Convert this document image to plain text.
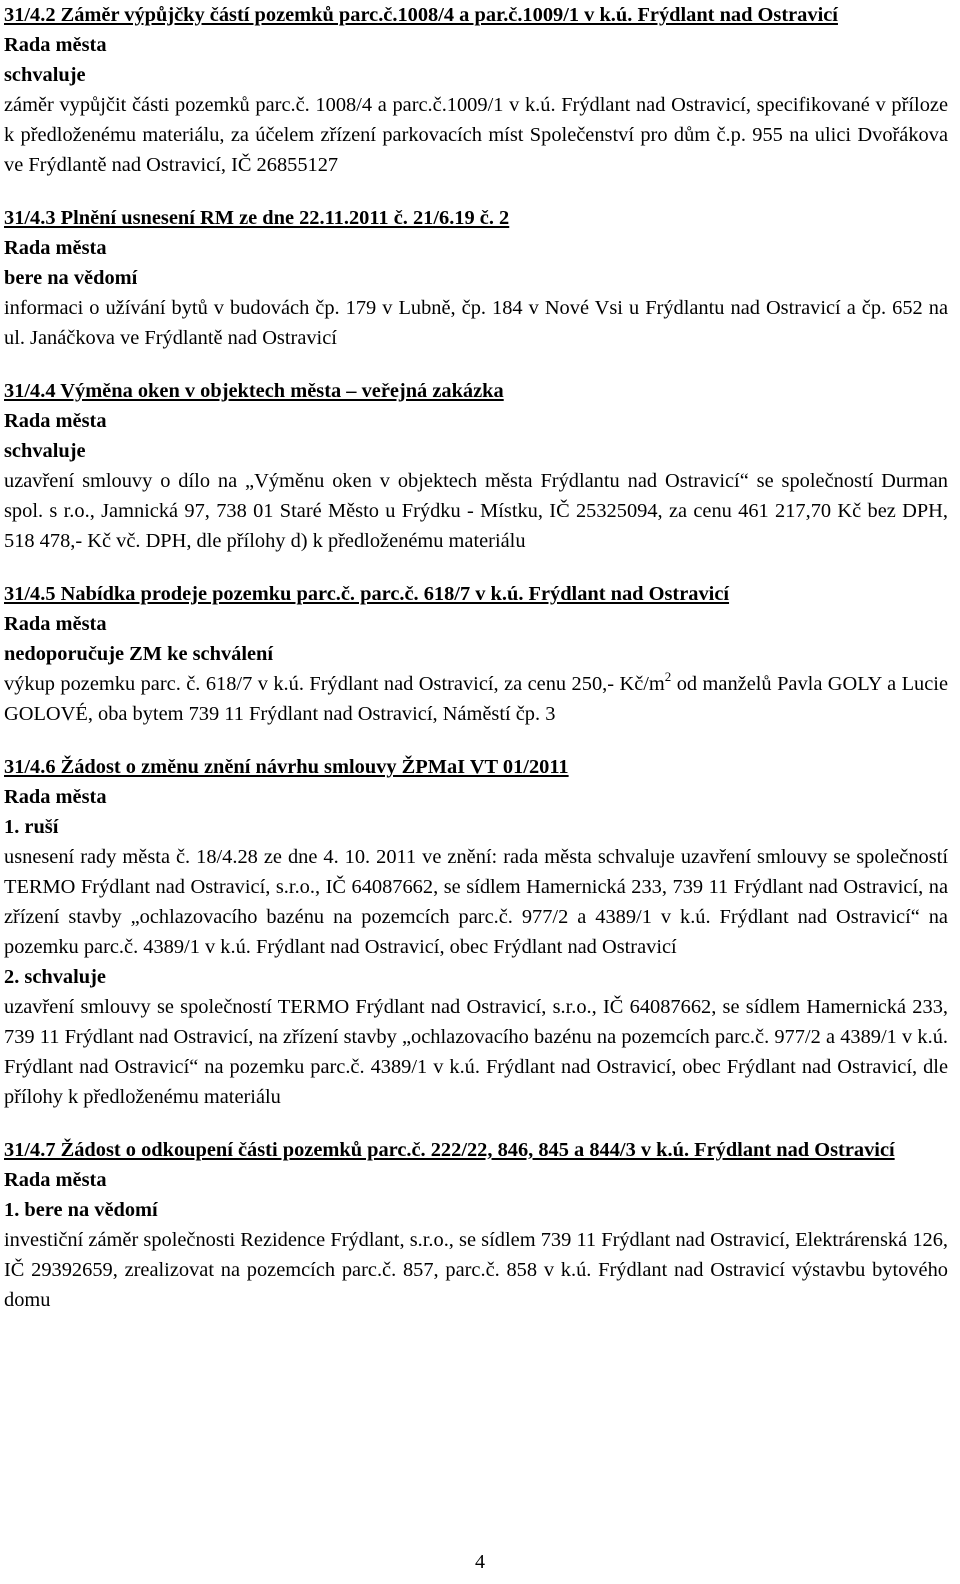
31/4.2 Záměr výpůjčky částí pozemků parc.č.1008/4 a par.č.1009/1 v k.ú. Frýdlant nad Ostravicí

Rada města

schvaluje

záměr vypůjčit části pozemků parc.č. 1008/4 a parc.č.1009/1 v k.ú. Frýdlant nad Ostravicí, specifikované v příloze k předloženému materiálu, za účelem zřízení parkovacích míst Společenství pro dům č.p. 955 na ulici Dvořákova ve Frýdlantě nad Ostravicí, IČ 26855127

31/4.3 Plnění usnesení RM ze dne 22.11.2011 č. 21/6.19 č. 2

Rada města

bere na vědomí

informaci o užívání bytů v budovách čp. 179 v Lubně, čp. 184 v Nové Vsi u Frýdlantu nad Ostravicí a čp. 652 na ul. Janáčkova ve Frýdlantě nad Ostravicí

31/4.4 Výměna oken v objektech města – veřejná zakázka

Rada města

schvaluje

uzavření smlouvy o dílo na „Výměnu oken v objektech města Frýdlantu nad Ostravicí“ se společností Durman spol. s r.o., Jamnická 97, 738 01 Staré Město u Frýdku - Místku, IČ 25325094, za cenu 461 217,70 Kč bez DPH, 518 478,- Kč vč. DPH, dle přílohy d) k předloženému materiálu

31/4.5 Nabídka prodeje pozemku parc.č. parc.č. 618/7 v k.ú. Frýdlant nad Ostravicí

Rada města

nedoporučuje ZM ke schválení

výkup pozemku parc. č. 618/7 v k.ú. Frýdlant nad Ostravicí, za cenu 250,- $Kč/m^2$ od manželů Pavla GOLY a Lucie GOLOVÉ, oba bytem 739 11 Frýdlant nad Ostravicí, Náměstí čp. 3

31/4.6 Žádost o změnu znění návrhu smlouvy ŽPMaI VT 01/2011

Rada města

1. ruší

usnesení rady města č. 18/4.28 ze dne 4. 10. 2011 ve znění: rada města schvaluje uzavření smlouvy se společností TERMO Frýdlant nad Ostravicí, s.r.o., IČ 64087662, se sídlem Hamernická 233, 739 11 Frýdlant nad Ostravicí, na zřízení stavby „ochlazovacího bazénu na pozemcích parc.č. 977/2 a 4389/1 v k.ú. Frýdlant nad Ostravicí“ na pozemku parc.č. 4389/1 v k.ú. Frýdlant nad Ostravicí, obec Frýdlant nad Ostravicí

2. schvaluje

uzavření smlouvy se společností TERMO Frýdlant nad Ostravicí, s.r.o., IČ 64087662, se sídlem Hamernická 233, 739 11 Frýdlant nad Ostravicí, na zřízení stavby „ochlazovacího bazénu na pozemcích parc.č. 977/2 a 4389/1 v k.ú. Frýdlant nad Ostravicí“ na pozemku parc.č. 4389/1 v k.ú. Frýdlant nad Ostravicí, obec Frýdlant nad Ostravicí, dle přílohy k předloženému materiálu

31/4.7 Žádost o odkoupení části pozemků parc.č. 222/22, 846, 845 a 844/3 v k.ú. Frýdlant nad Ostravicí

Rada města

1. bere na vědomí

investiční záměr společnosti Rezidence Frýdlant, s.r.o., se sídlem 739 11 Frýdlant nad Ostravicí, Elektrárenská 126, IČ 29392659, zrealizovat na pozemcích parc.č. 857, parc.č. 858 v k.ú. Frýdlant nad Ostravicí výstavbu bytového domu

4
